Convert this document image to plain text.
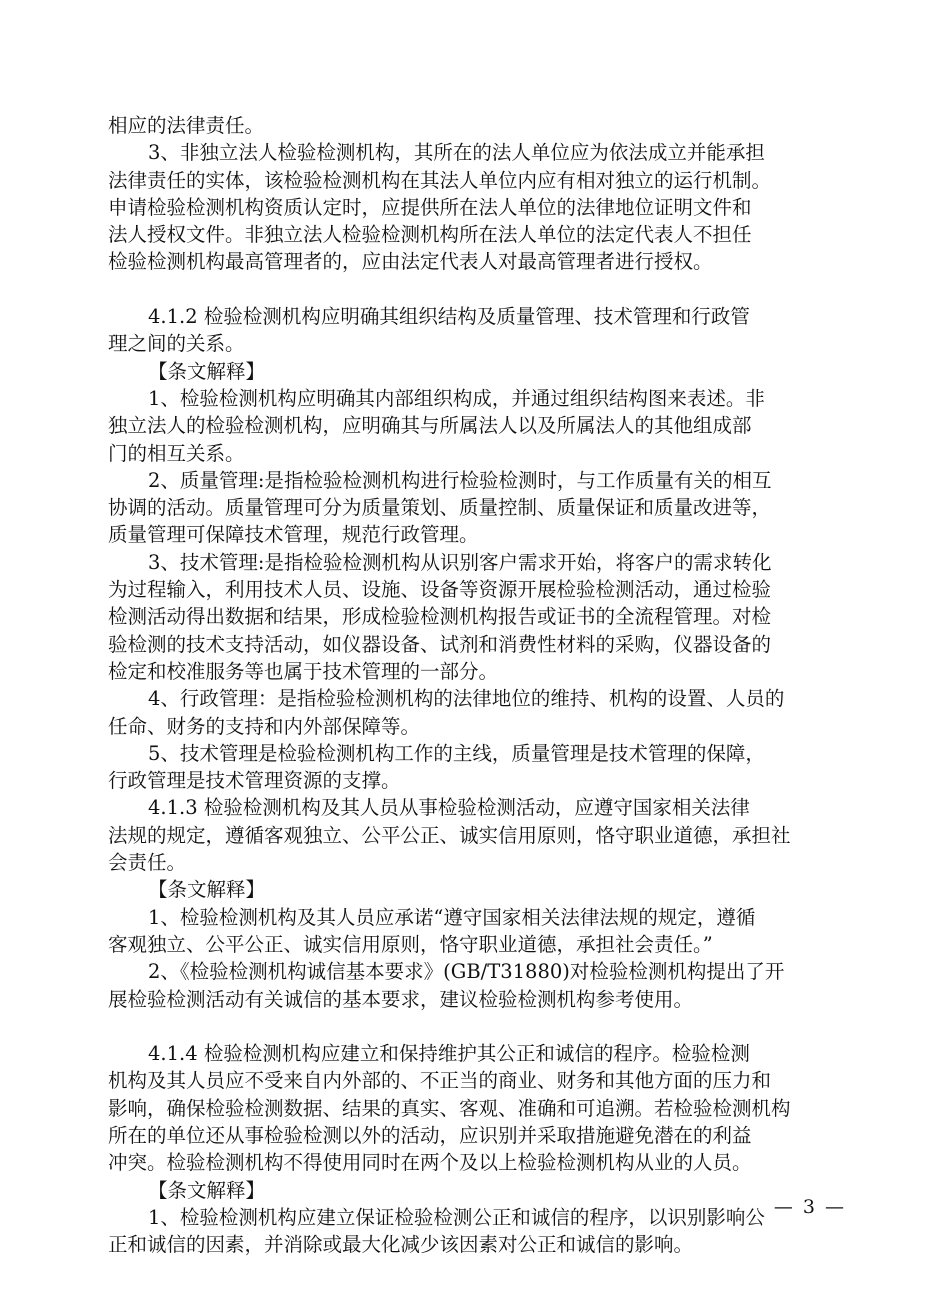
相应的法律责任。
3、非独立法人检验检测机构，其所在的法人单位应为依法成立并能承担
法律责任的实体，该检验检测机构在其法人单位内应有相对独立的运行机制。
申请检验检测机构资质认定时，应提供所在法人单位的法律地位证明文件和
法人授权文件。非独立法人检验检测机构所在法人单位的法定代表人不担任
检验检测机构最高管理者的，应由法定代表人对最高管理者进行授权。
4.1.2 检验检测机构应明确其组织结构及质量管理、技术管理和行政管
理之间的关系。
【条文解释】
1、检验检测机构应明确其内部组织构成，并通过组织结构图来表述。非
独立法人的检验检测机构，应明确其与所属法人以及所属法人的其他组成部
门的相互关系。
2、质量管理:是指检验检测机构进行检验检测时，与工作质量有关的相互
协调的活动。质量管理可分为质量策划、质量控制、质量保证和质量改进等，
质量管理可保障技术管理，规范行政管理。
3、技术管理:是指检验检测机构从识别客户需求开始，将客户的需求转化
为过程输入，利用技术人员、设施、设备等资源开展检验检测活动，通过检验
检测活动得出数据和结果，形成检验检测机构报告或证书的全流程管理。对检
验检测的技术支持活动，如仪器设备、试剂和消费性材料的采购，仪器设备的
检定和校准服务等也属于技术管理的一部分。
4、行政管理：是指检验检测机构的法律地位的维持、机构的设置、人员的
任命、财务的支持和内外部保障等。
5、技术管理是检验检测机构工作的主线，质量管理是技术管理的保障，
行政管理是技术管理资源的支撑。
4.1.3 检验检测机构及其人员从事检验检测活动，应遵守国家相关法律
法规的规定，遵循客观独立、公平公正、诚实信用原则，恪守职业道德，承担社
会责任。
【条文解释】
1、检验检测机构及其人员应承诺“遵守国家相关法律法规的规定，遵循
客观独立、公平公正、诚实信用原则，恪守职业道德，承担社会责任。”
2、《检验检测机构诚信基本要求》(GB/T31880)对检验检测机构提出了开
展检验检测活动有关诚信的基本要求，建议检验检测机构参考使用。
4.1.4 检验检测机构应建立和保持维护其公正和诚信的程序。检验检测
机构及其人员应不受来自内外部的、不正当的商业、财务和其他方面的压力和
影响，确保检验检测数据、结果的真实、客观、准确和可追溯。若检验检测机构
所在的单位还从事检验检测以外的活动，应识别并采取措施避免潜在的利益
冲突。检验检测机构不得使用同时在两个及以上检验检测机构从业的人员。
【条文解释】
1、检验检测机构应建立保证检验检测公正和诚信的程序，以识别影响公
正和诚信的因素，并消除或最大化减少该因素对公正和诚信的影响。
— 3 —
